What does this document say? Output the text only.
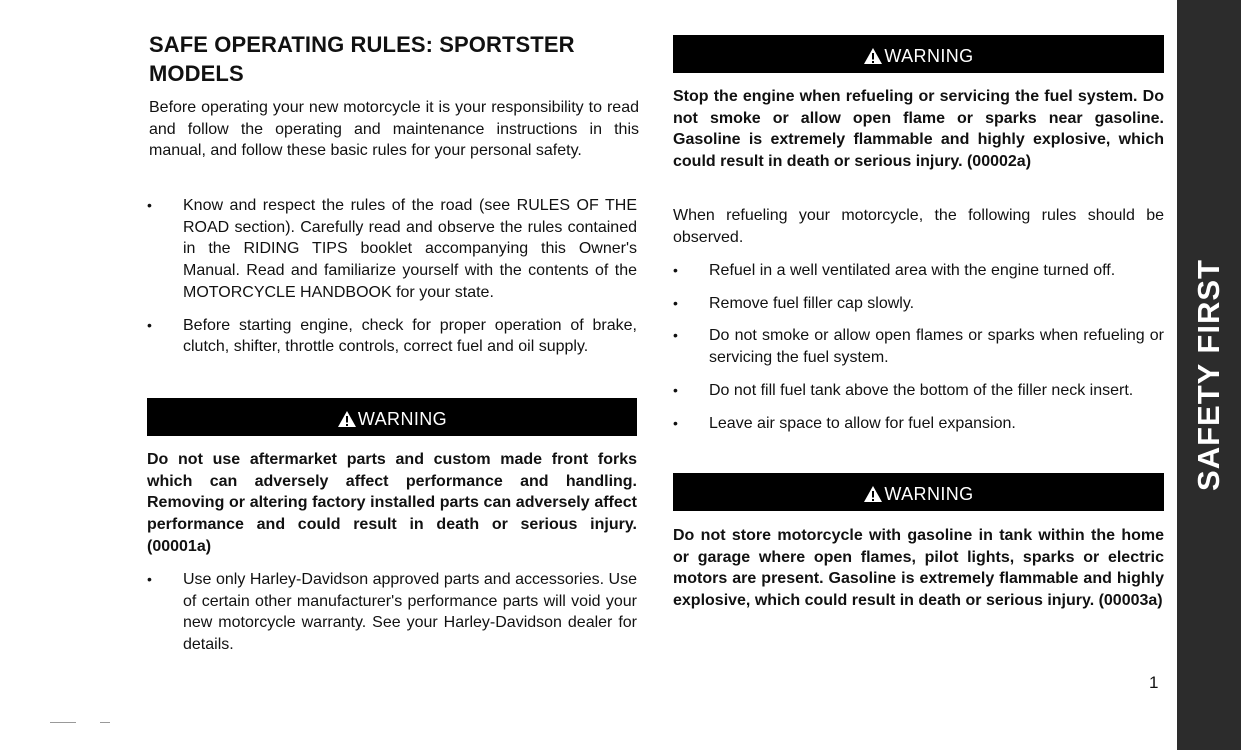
SAFE OPERATING RULES: SPORTSTER MODELS

Before operating your new motorcycle it is your responsibility to read and follow the operating and maintenance instructions in this manual, and follow these basic rules for your personal safety.

•	Know and respect the rules of the road (see RULES OF THE ROAD section). Carefully read and observe the rules contained in the RIDING TIPS booklet accompanying this Owner's Manual. Read and familiarize yourself with the contents of the MOTORCYCLE HANDBOOK for your state.
•	Before starting engine, check for proper operation of brake, clutch, shifter, throttle controls, correct fuel and oil supply.
WARNING

Do not use aftermarket parts and custom made front forks which can adversely affect performance and handling. Removing or altering factory installed parts can adversely affect performance and could result in death or serious injury. (00001a)

•	Use only Harley-Davidson approved parts and accessories. Use of certain other manufacturer's performance parts will void your new motorcycle warranty. See your Harley-Davidson dealer for details.
WARNING

Stop the engine when refueling or servicing the fuel system. Do not smoke or allow open flame or sparks near gasoline. Gasoline is extremely flammable and highly explosive, which could result in death or serious injury. (00002a)

When refueling your motorcycle, the following rules should be observed.

•	Refuel in a well ventilated area with the engine turned off.
•	Remove fuel filler cap slowly.
•	Do not smoke or allow open flames or sparks when refueling or servicing the fuel system.
•	Do not fill fuel tank above the bottom of the filler neck insert.
•	Leave air space to allow for fuel expansion.
WARNING

Do not store motorcycle with gasoline in tank within the home or garage where open flames, pilot lights, sparks or electric motors are present. Gasoline is extremely flammable and highly explosive, which could result in death or serious injury. (00003a)

1
SAFETY FIRST
